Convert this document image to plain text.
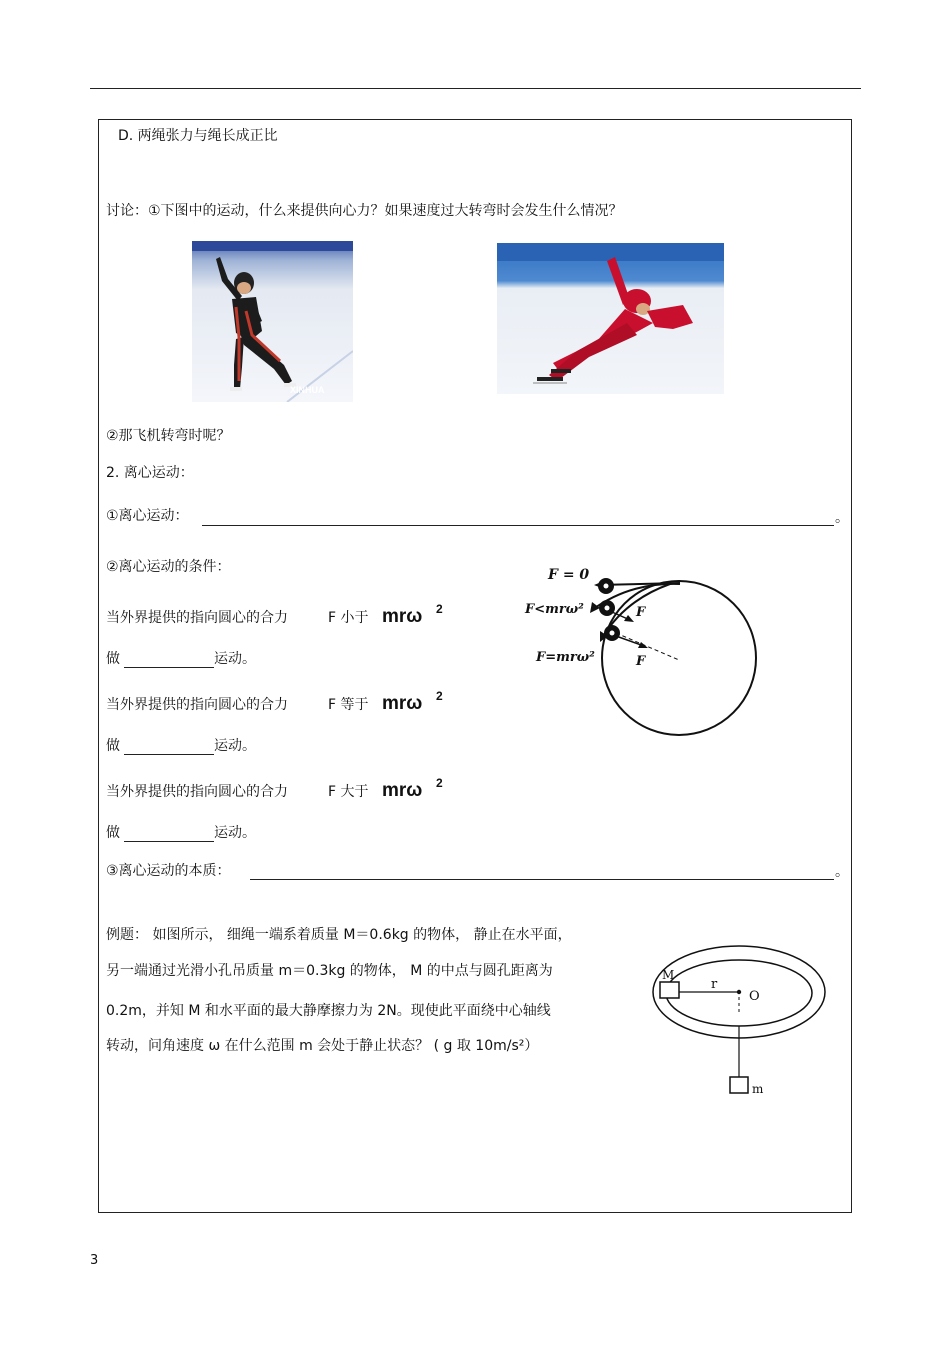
D. 两绳张力与绳长成正比
讨论：①下图中的运动，什么来提供向心力？如果速度过大转弯时会发生什么情况？
XINHUA
②那飞机转弯时呢？
2. 离心运动：
①离心运动：	。
②离心运动的条件：
当外界提供的指向圆心的合力	F 小于 mrω 2
做	运动。
当外界提供的指向圆心的合力	F 等于 mrω 2
做	运动。
当外界提供的指向圆心的合力	F 大于 mrω 2
做	运动。
F = 0
F<mrω²
F=mrω²
F
F
③离心运动的本质：	。
例题： 如图所示， 细绳一端系着质量 M＝0.6kg 的物体， 静止在水平面，
另一端通过光滑小孔吊质量 m＝0.3kg 的物体， M 的中点与圆孔距离为
0.2m，并知 M 和水平面的最大静摩擦力为 2N。现使此平面绕中心轴线
转动，问角速度 ω 在什么范围 m 会处于静止状态？ ( g 取 10m/s²）
M
r
O
m
3
